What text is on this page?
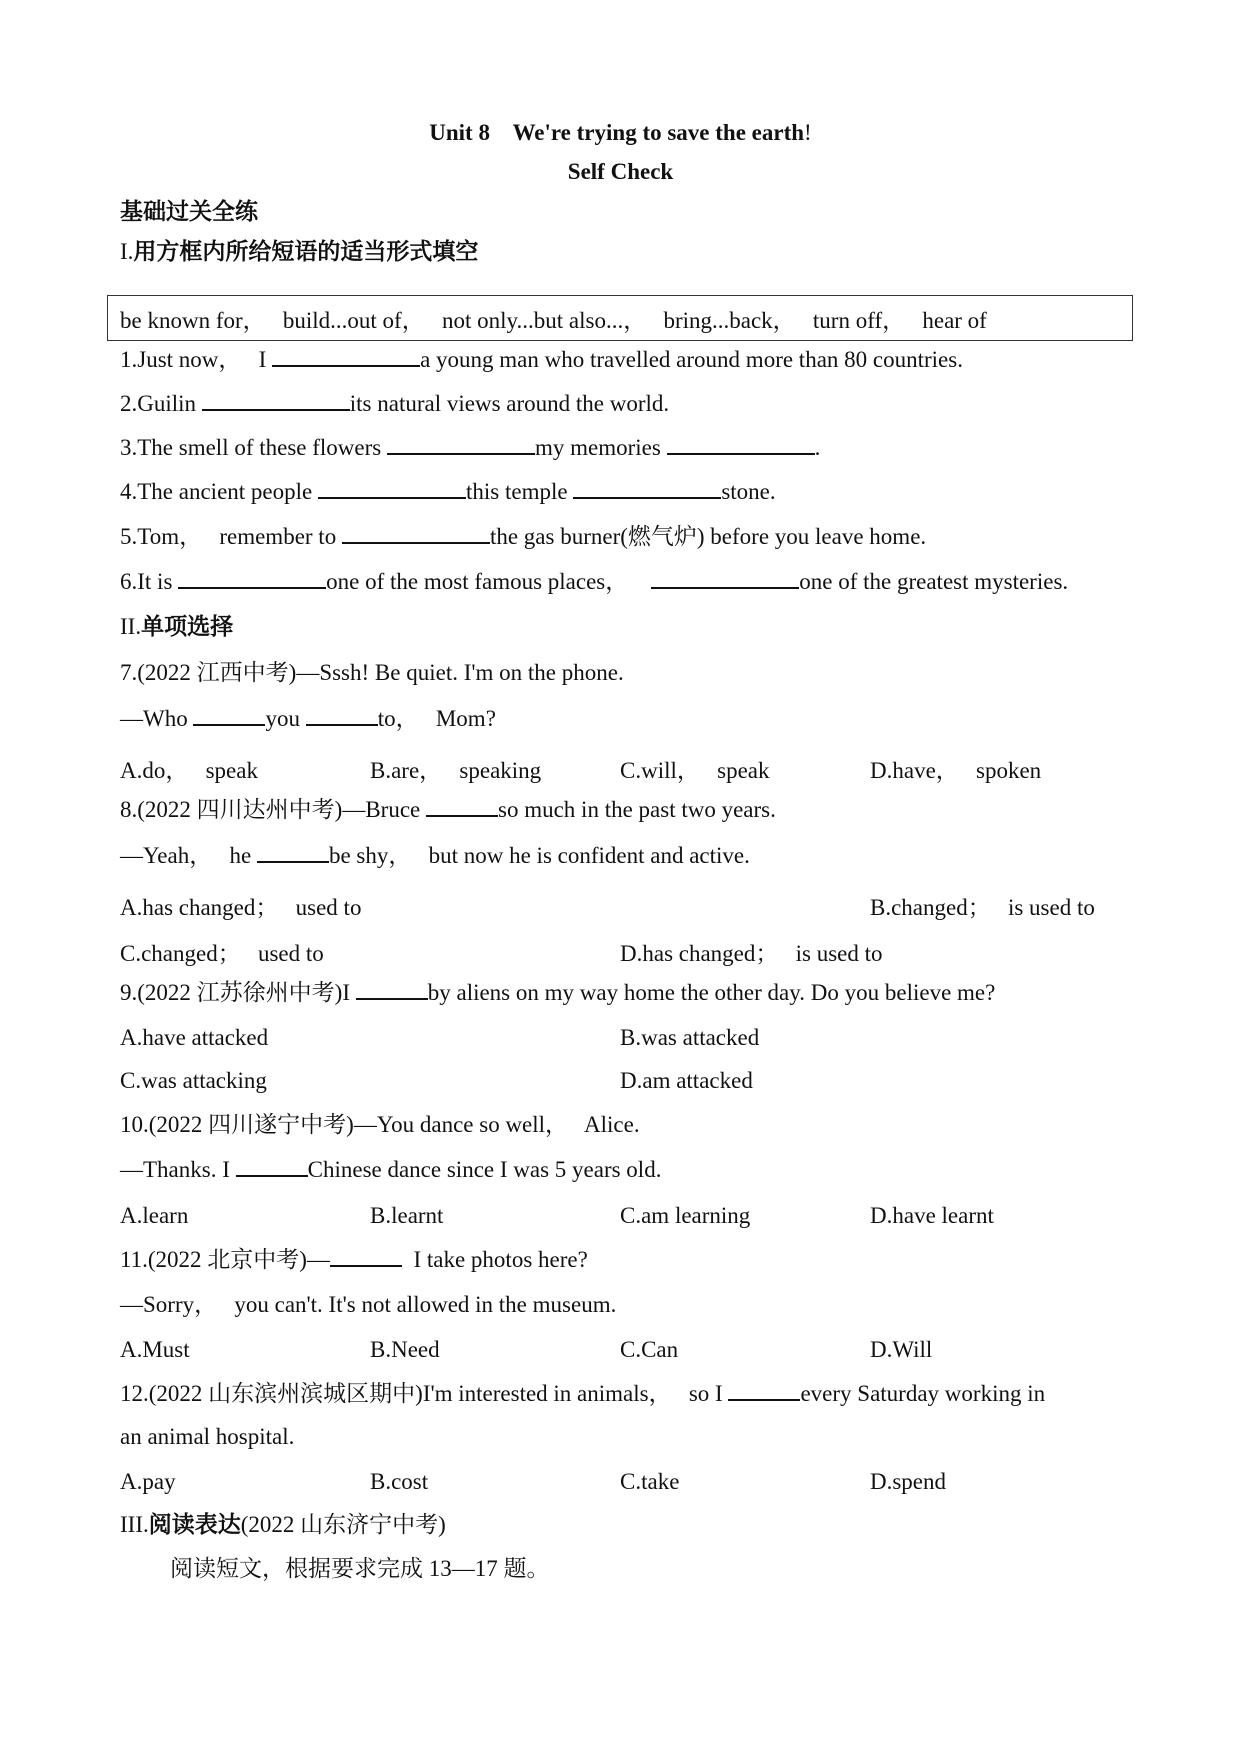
Unit 8 We're trying to save the earth!
Self Check
基础过关全练
I.用方框内所给短语的适当形式填空
be known for，   build...out of，   not only...but also...，   bring...back，   turn off，   hear of
1.Just now，   I	a young man who travelled around more than 80 countries.
2.Guilin	its natural views around the world.
3.The smell of these flowers	my memories	.
4.The ancient people	this temple	stone.
5.Tom，   remember to	the gas burner(燃气炉) before you leave home.
6.It is	one of the most famous places，	one of the greatest mysteries.
II.单项选择
7.(2022 江西中考)—Sssh! Be quiet. I'm on the phone.
—Who	you	to，   Mom?
A.do，   speak	B.are，   speaking	C.will，   speak	D.have，   spoken
8.(2022 四川达州中考)—Bruce	so much in the past two years.
—Yeah，   he	be shy，   but now he is confident and active.
A.has changed；   used to	B.changed；   is used to
C.changed；   used to	D.has changed；   is used to
9.(2022 江苏徐州中考)I	by aliens on my way home the other day. Do you believe me?
A.have attacked	B.was attacked
C.was attacking	D.am attacked
10.(2022 四川遂宁中考)—You dance so well，   Alice.
—Thanks. I	Chinese dance since I was 5 years old.
A.learn	B.learnt	C.am learning	D.have learnt
11.(2022 北京中考)—	I take photos here?
—Sorry，   you can't. It's not allowed in the museum.
A.Must	B.Need	C.Can	D.Will
12.(2022 山东滨州滨城区期中)I'm interested in animals，   so I	every Saturday working in
an animal hospital.
A.pay	B.cost	C.take	D.spend
III.阅读表达(2022 山东济宁中考)
阅读短文，根据要求完成 13—17 题。
